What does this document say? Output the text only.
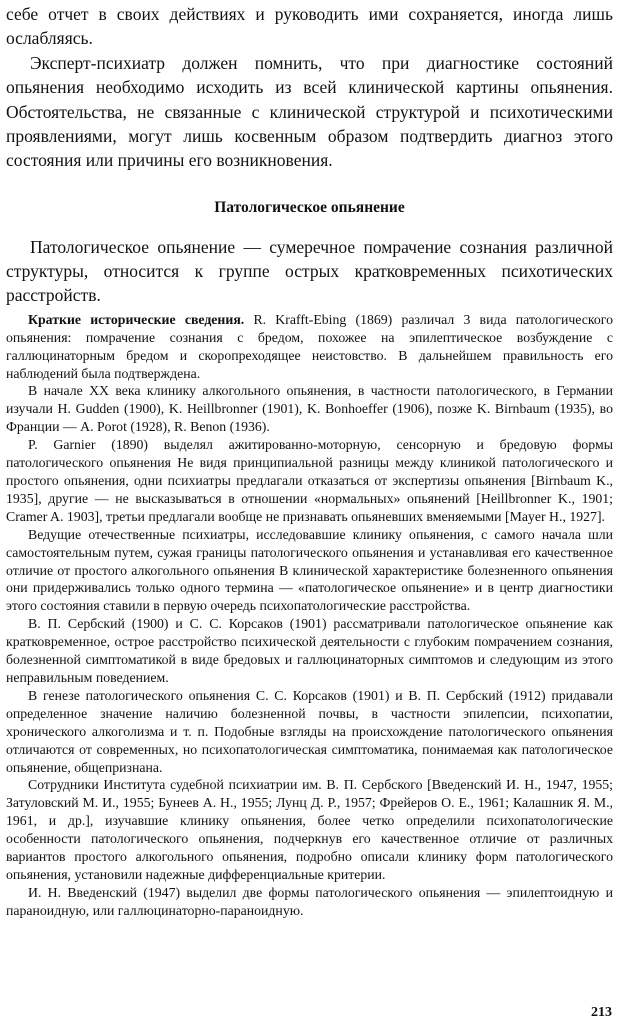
себе отчет в своих действиях и руководить ими сохраняется, иногда лишь ослабляясь.

Эксперт-психиатр должен помнить, что при диагностике состояний опьянения необходимо исходить из всей клинической картины опьянения. Обстоятельства, не связанные с клинической структурой и психотическими проявлениями, могут лишь косвенным образом подтвердить диагноз этого состояния или причины его возникновения.

Патологическое опьянение

Патологическое опьянение — сумеречное помрачение сознания различной структуры, относится к группе острых кратковременных психотических расстройств.

Краткие исторические сведения. R. Krafft-Ebing (1869) различал 3 вида патологического опьянения: помрачение сознания с бредом, похожее на эпилептическое возбуждение с галлюцинаторным бредом и скоропреходящее неистовство. В дальнейшем правильность его наблюдений была подтверждена.

В начале XX века клинику алкогольного опьянения, в частности патологического, в Германии изучали H. Gudden (1900), K. Heillbronner (1901), K. Bonhoeffer (1906), позже K. Birnbaum (1935), во Франции — A. Porot (1928), R. Benon (1936).

P. Garnier (1890) выделял ажитированно-моторную, сенсорную и бредовую формы патологического опьянения Не видя принципиальной разницы между клиникой патологического и простого опьянения, одни психиатры предлагали отказаться от экспертизы опьянения [Birnbaum K., 1935], другие — не высказываться в отношении «нормальных» опьянений [Heillbronner K., 1901; Cramer A. 1903], третьи предлагали вообще не признавать опьяневших вменяемыми [Mayer H., 1927].

Ведущие отечественные психиатры, исследовавшие клинику опьянения, с самого начала шли самостоятельным путем, сужая границы патологического опьянения и устанавливая его качественное отличие от простого алкогольного опьянения В клинической характеристике болезненного опьянения они придерживались только одного термина — «патологическое опьянение» и в центр диагностики этого состояния ставили в первую очередь психопатологические расстройства.

В. П. Сербский (1900) и С. С. Корсаков (1901) рассматривали патологическое опьянение как кратковременное, острое расстройство психической деятельности с глубоким помрачением сознания, болезненной симптоматикой в виде бредовых и галлюцинаторных симптомов и следующим из этого неправильным поведением.

В генезе патологического опьянения С. С. Корсаков (1901) и В. П. Сербский (1912) придавали определенное значение наличию болезненной почвы, в частности эпилепсии, психопатии, хронического алкоголизма и т. п. Подобные взгляды на происхождение патологического опьянения отличаются от современных, но психопатологическая симптоматика, понимаемая как патологическое опьянение, общепризнана.

Сотрудники Института судебной психиатрии им. В. П. Сербского [Введенский И. Н., 1947, 1955; Затуловский М. И., 1955; Бунеев А. Н., 1955; Лунц Д. Р., 1957; Фрейеров О. Е., 1961; Калашник Я. М., 1961, и др.], изучавшие клинику опьянения, более четко определили психопатологические особенности патологического опьянения, подчеркнув его качественное отличие от различных вариантов простого алкогольного опьянения, подробно описали клинику форм патологического опьянения, установили надежные дифференциальные критерии.

И. Н. Введенский (1947) выделил две формы патологического опьянения — эпилептоидную и параноидную, или галлюцинаторно-параноидную.

213
